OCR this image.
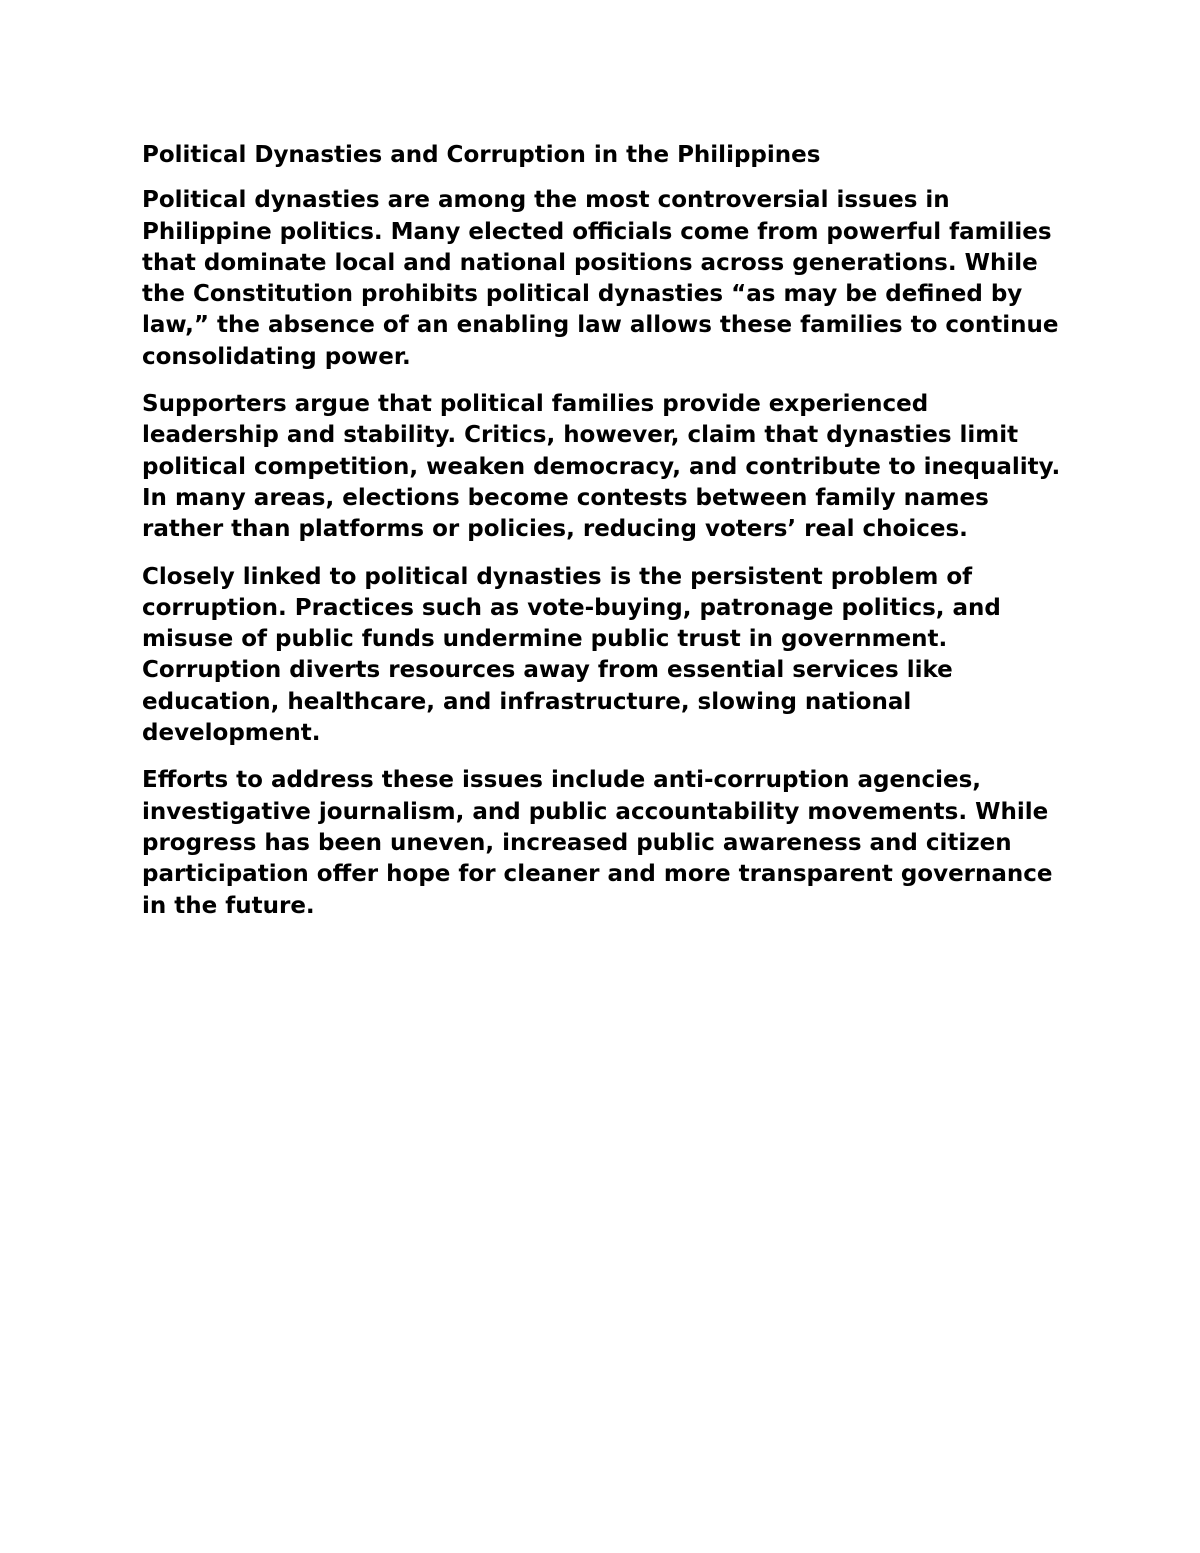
Political Dynasties and Corruption in the Philippines

Political dynasties are among the most controversial issues in Philippine politics. Many elected officials come from powerful families that dominate local and national positions across generations. While the Constitution prohibits political dynasties “as may be defined by law,” the absence of an enabling law allows these families to continue consolidating power.

Supporters argue that political families provide experienced leadership and stability. Critics, however, claim that dynasties limit political competition, weaken democracy, and contribute to inequality. In many areas, elections become contests between family names rather than platforms or policies, reducing voters’ real choices.

Closely linked to political dynasties is the persistent problem of corruption. Practices such as vote-buying, patronage politics, and misuse of public funds undermine public trust in government. Corruption diverts resources away from essential services like education, healthcare, and infrastructure, slowing national development.

Efforts to address these issues include anti-corruption agencies, investigative journalism, and public accountability movements. While progress has been uneven, increased public awareness and citizen participation offer hope for cleaner and more transparent governance in the future.
